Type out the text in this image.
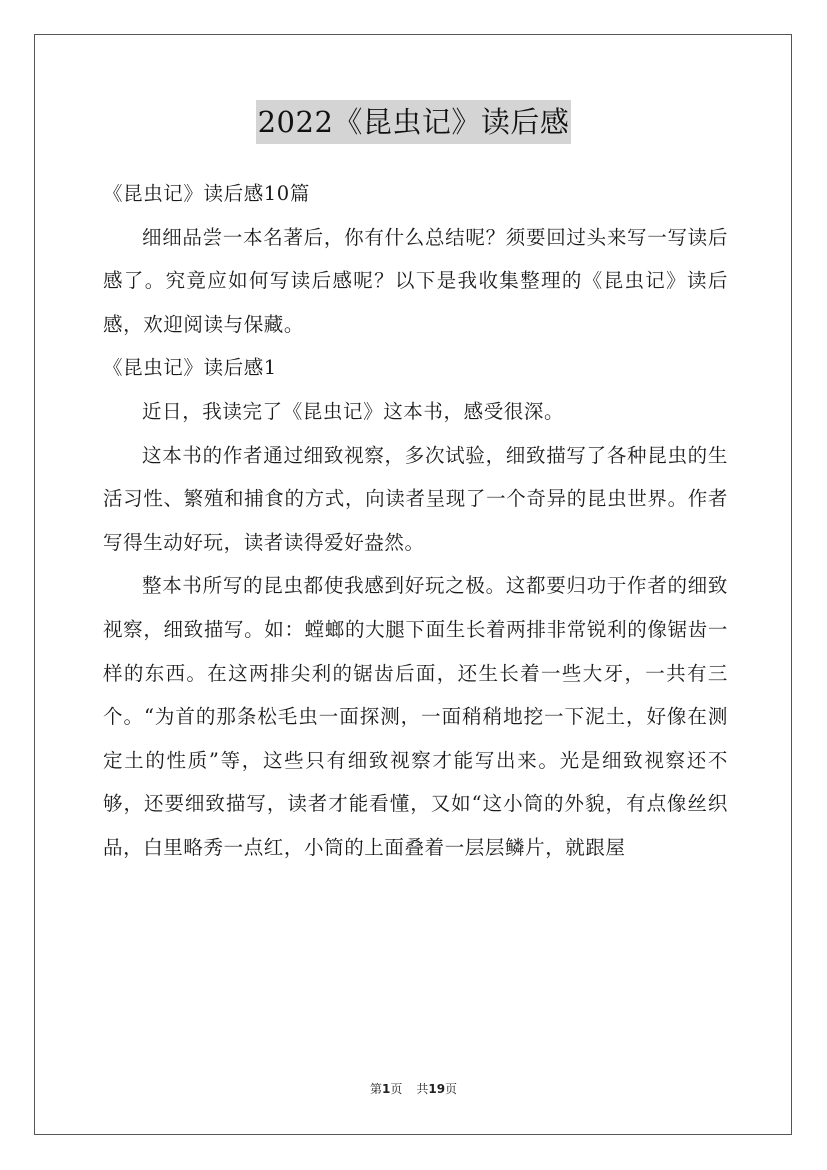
2022《昆虫记》读后感

《昆虫记》读后感10篇

细细品尝一本名著后，你有什么总结呢？须要回过头来写一写读后感了。究竟应如何写读后感呢？以下是我收集整理的《昆虫记》读后感，欢迎阅读与保藏。

《昆虫记》读后感1

近日，我读完了《昆虫记》这本书，感受很深。

这本书的作者通过细致视察，多次试验，细致描写了各种昆虫的生活习性、繁殖和捕食的方式，向读者呈现了一个奇异的昆虫世界。作者写得生动好玩，读者读得爱好盎然。

整本书所写的昆虫都使我感到好玩之极。这都要归功于作者的细致视察，细致描写。如：螳螂的大腿下面生长着两排非常锐利的像锯齿一样的东西。在这两排尖利的锯齿后面，还生长着一些大牙，一共有三个。“为首的那条松毛虫一面探测，一面稍稍地挖一下泥土，好像在测定土的性质”等，这些只有细致视察才能写出来。光是细致视察还不够，还要细致描写，读者才能看懂，又如“这小筒的外貌，有点像丝织品，白里略秀一点红，小筒的上面叠着一层层鳞片，就跟屋

第1页 共19页
